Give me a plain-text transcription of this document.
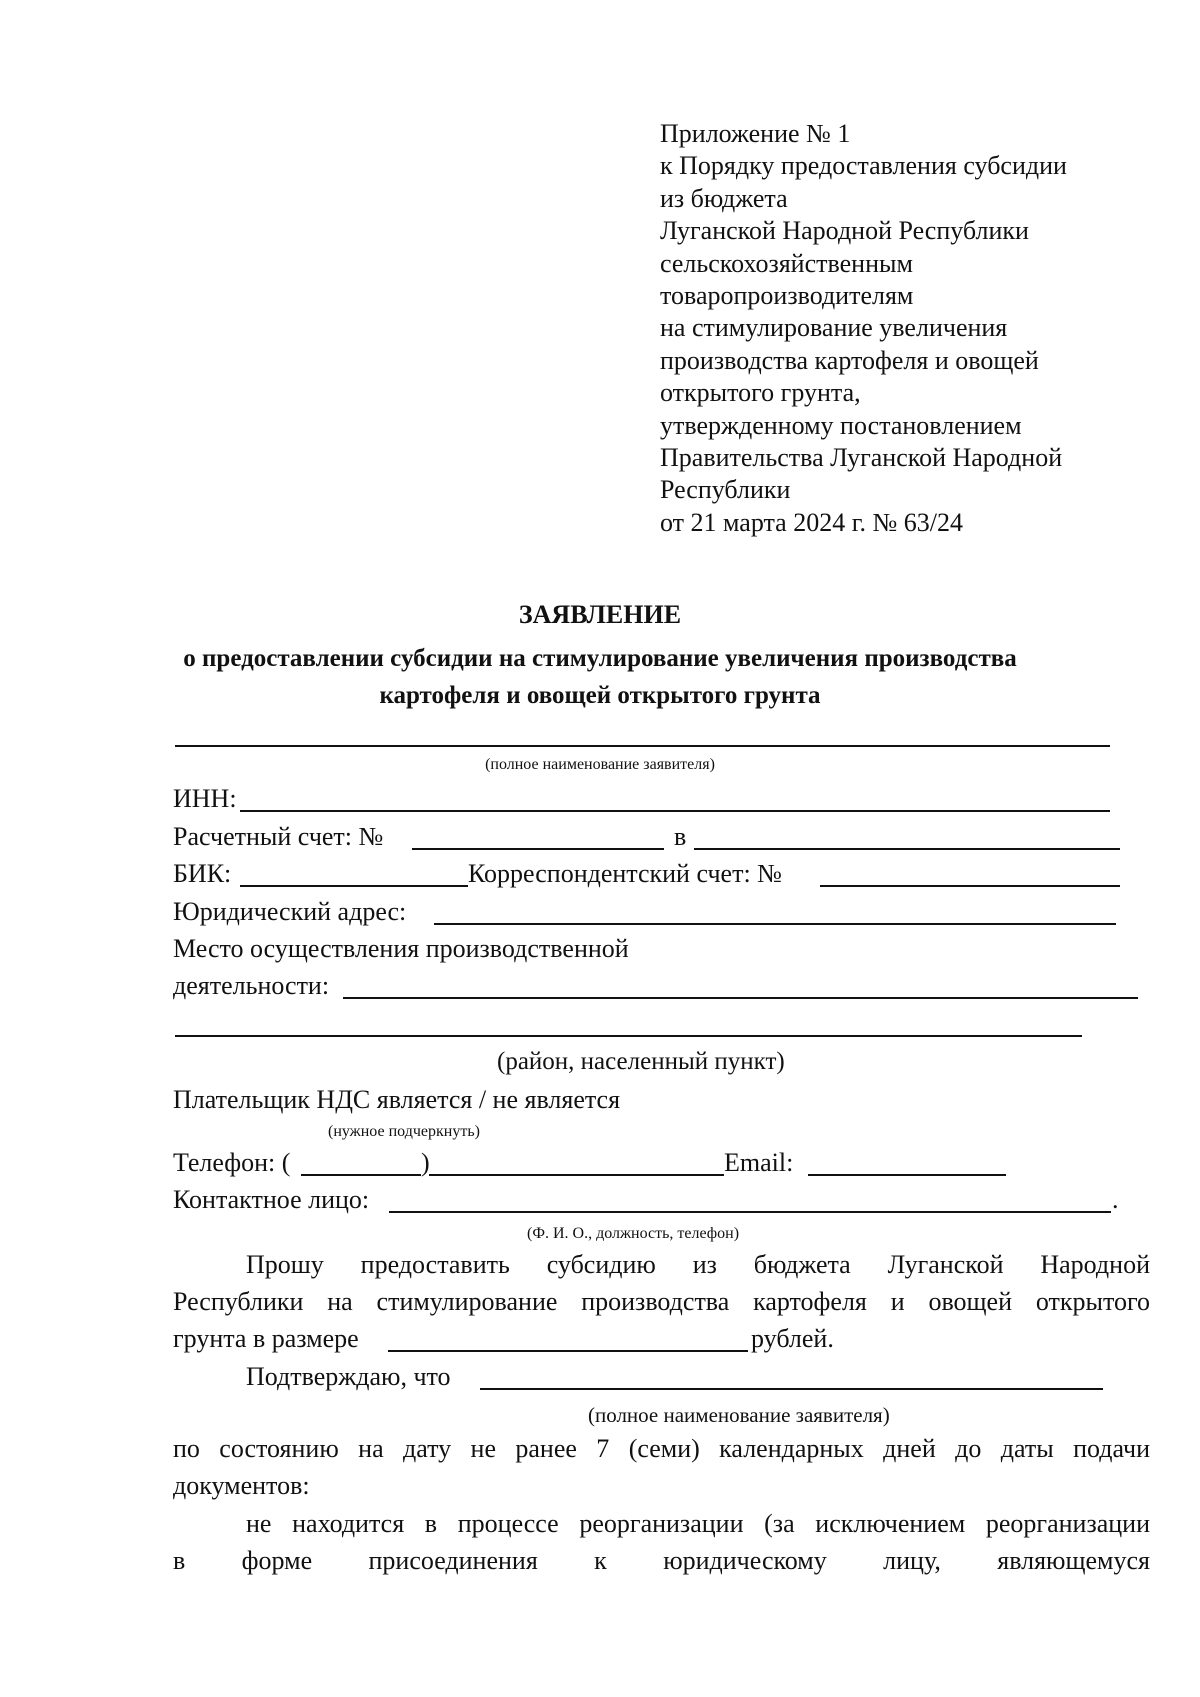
Приложение № 1
к Порядку предоставления субсидии
из бюджета
Луганской Народной Республики
сельскохозяйственным
товаропроизводителям
на стимулирование увеличения
производства картофеля и овощей
открытого грунта,
утвержденному постановлением
Правительства Луганской Народной
Республики
от 21 марта 2024 г. № 63/24
ЗАЯВЛЕНИЕ
о предоставлении субсидии на стимулирование увеличения производства
картофеля и овощей открытого грунта
(полное наименование заявителя)
ИНН:
Расчетный счет: №	в
БИК:	Корреспондентский счет: №
Юридический адрес:
Место осуществления производственной
деятельности:
(район, населенный пункт)
Плательщик НДС является / не является
(нужное подчеркнуть)
Телефон: (	)	Email:
Контактное лицо:	.
(Ф. И. О., должность, телефон)
Прошу предоставить субсидию из бюджета Луганской Народной
Республики на стимулирование производства картофеля и овощей открытого
грунта в размере	рублей.
Подтверждаю, что
(полное наименование заявителя)
по состоянию на дату не ранее 7 (семи) календарных дней до даты подачи
документов:
не находится в процессе реорганизации (за исключением реорганизации
в форме присоединения к юридическому лицу, являющемуся
